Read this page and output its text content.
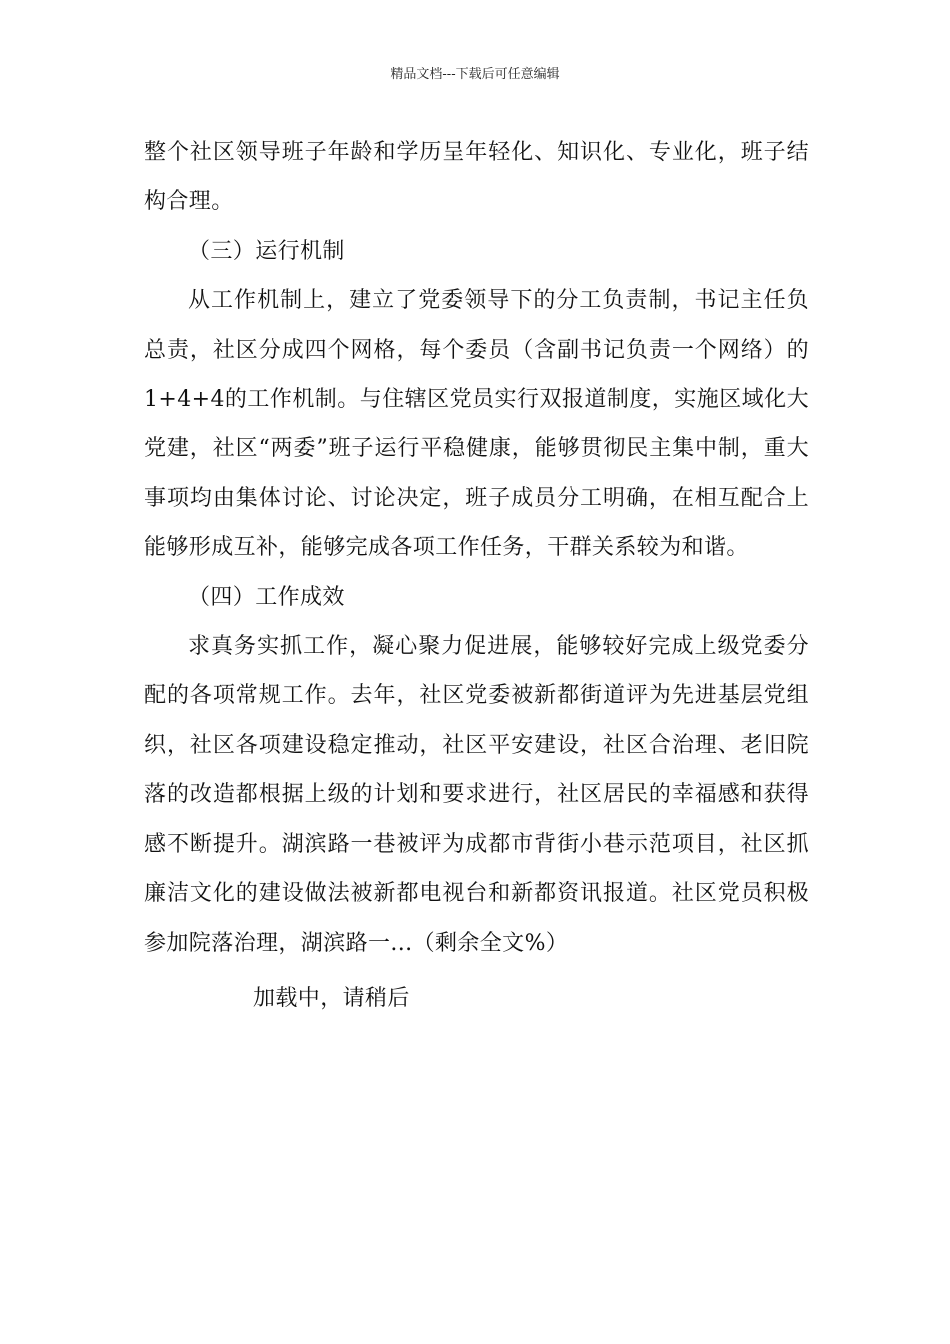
精品文档---下载后可任意编辑

整个社区领导班子年龄和学历呈年轻化、知识化、专业化，班子结构合理。

（三）运行机制

从工作机制上，建立了党委领导下的分工负责制，书记主任负总责，社区分成四个网格，每个委员（含副书记负责一个网络）的1+4+4的工作机制。与住辖区党员实行双报道制度，实施区域化大党建，社区“两委”班子运行平稳健康，能够贯彻民主集中制，重大事项均由集体讨论、讨论决定，班子成员分工明确，在相互配合上能够形成互补，能够完成各项工作任务，干群关系较为和谐。

（四）工作成效

求真务实抓工作，凝心聚力促进展，能够较好完成上级党委分配的各项常规工作。去年，社区党委被新都街道评为先进基层党组织，社区各项建设稳定推动，社区平安建设，社区合治理、老旧院落的改造都根据上级的计划和要求进行，社区居民的幸福感和获得感不断提升。湖滨路一巷被评为成都市背街小巷示范项目，社区抓廉洁文化的建设做法被新都电视台和新都资讯报道。社区党员积极参加院落治理，湖滨路一...（剩余全文%）

加载中，请稍后
